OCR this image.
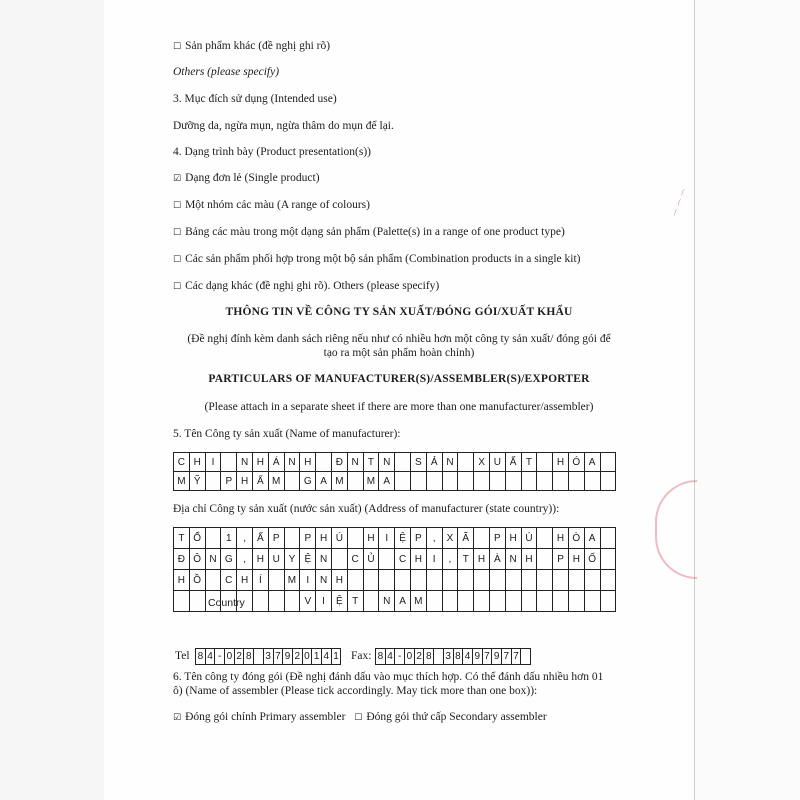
⌒ ⌒ ⌒
☐ Sản phẩm khác (đề nghị ghi rõ)
Others (please specify)
3. Mục đích sử dụng (Intended use)
Dưỡng da, ngừa mụn, ngừa thâm do mụn để lại.
4. Dạng trình bày (Product presentation(s))
☑ Dạng đơn lẻ (Single product)
☐ Một nhóm các màu (A range of colours)
☐ Bảng các màu trong một dạng sản phẩm (Palette(s) in a range of one product type)
☐ Các sản phẩm phối hợp trong một bộ sản phẩm (Combination products in a single kit)
☐ Các dạng khác (đề nghị ghi rõ). Others (please specify)
THÔNG TIN VỀ CÔNG TY SẢN XUẤT/ĐÓNG GÓI/XUẤT KHẨU
(Đề nghị đính kèm danh sách riêng nếu như có nhiều hơn một công ty sản xuất/ đóng gói để
tạo ra một sản phẩm hoàn chỉnh)
PARTICULARS OF MANUFACTURER(S)/ASSEMBLER(S)/EXPORTER
(Please attach in a separate sheet if there are more than one manufacturer/assembler)
5. Tên Công ty sản xuất (Name of manufacturer):
C H	I	N H Á N H	Đ N T N	S Ả N	X U Ấ T	H Ó A
M Ỹ	P H Ẩ M	G A M	M A
Địa chỉ Công ty sản xuất (nước sản xuất) (Address of manufacturer (state country)):
T Ổ	1	,	Ấ P	P H Ú	H	I	Ệ P	,	X Ã	P H Ú	H Ò A
Đ Ô N G	,	H U Y Ệ N	C Ủ	C H	I	,	T H À N H	P H Ố
H Ồ	C H	Í	M	I	N H
V	I	Ệ T	N A M
Country
Tel 8 4 - 0 2 8 3 7 9 2 0 1 4 1 Fax: 8 4 - 0 2 8 3 8 4 9 7 9 7 7
6. Tên công ty đóng gói (Đề nghị đánh dấu vào mục thích hợp. Có thể đánh dấu nhiều hơn 01
ô) (Name of assembler (Please tick accordingly. May tick more than one box)):
☑ Đóng gói chính Primary assembler ☐ Đóng gói thứ cấp Secondary assembler
